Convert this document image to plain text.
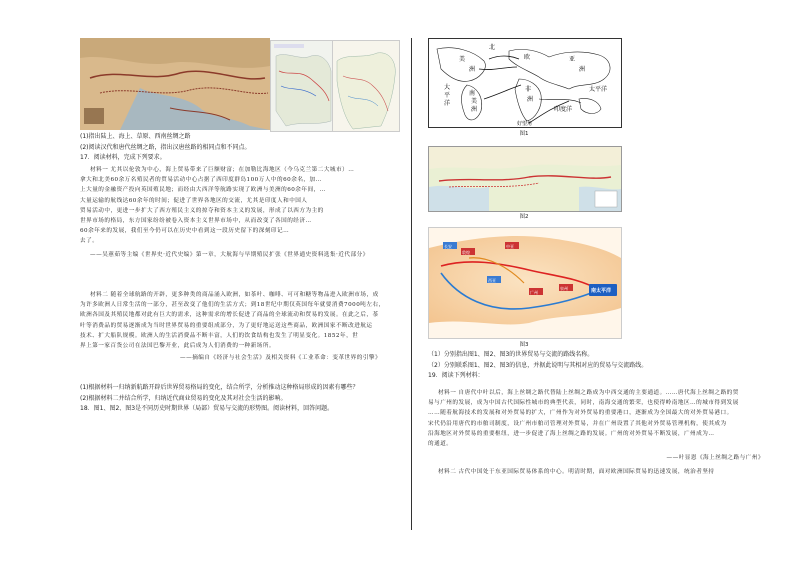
(1)指出陆上、海上、草原、西南丝绸之路
(2)阅读汉代和唐代丝绸之路，指出汉唐丝路的相同点和不同点。
17．阅读材料，完成下列要求。
材料一 尤其以伦敦为中心，海上贸易带来了巨额财富；在加勒比海地区（今乌克兰第二大城市）…
拿大和北美60余万名殖民者的贸易活动中心占据了西印度群岛100万人中的60余名，加…
上大量的金融资产投向英国殖民地；而经由大西洋等航路实现了欧洲与美洲的60余年间，…
大量运输的航线达60余年的时间；促进了世界各地区的交流，尤其是印度人和中国人
贸易活动中，更进一步扩大了西方殖民主义的掠夺和资本主义的发展，形成了以西方为主的
世界市场的格局，东方国家纷纷被卷入资本主义世界市场中，从而改变了各国的经济…
60余年来的发展，我们至今仍可以在历史中看到这一段历史留下的深刻印记…
去了。
——吴蕙茹等主编《世界史·近代史编》第一章，大航海与早期殖民扩张《世界通史资料选集·近代部分》
材料二 随着全球航路的开辟，更多种类的商品涌入欧洲，如茶叶、咖啡、可可和糖等物品进入欧洲市场，成
为许多欧洲人日常生活的一部分，甚至改变了他们的生活方式；到18世纪中期仅英国每年就要消费7000吨左右，
欧洲各国及其殖民地都对此有巨大的需求，这种需求的增长促进了商品的全球流动和贸易的发展。在此之后，茶
叶等消费品的贸易逐渐成为当时世界贸易的重要组成部分，为了更好地运送这些商品，欧洲国家不断改进航运
技术、扩大船队规模。欧洲人的生活消费品不断丰富，人们的饮食结构也发生了明显变化。1852年，世
界上第一家百货公司在法国巴黎开业，此后成为人们消费的一种新场所。
——摘编自《经济与社会生活》及相关资料《工业革命：变革世界的引擎》
(1)根据材料一归纳新航路开辟后世界贸易格局的变化，结合所学，分析推动这种格局形成的因素有哪些？
(2)根据材料二并结合所学，归纳近代商业贸易的变化及其对社会生活的影响。
18．图1、图2、图3是不同历史时期世界（局部）贸易与交流的形势图。阅读材料，回答问题。
北
美
洲
欧	亚
洲
非
洲
南
美
洲
大
平
洋
太平洋
印度洋
好望角
图1
图2
长安
敦煌
中亚
西亚
广州
泉州	南太平洋
图3
（1）分别指出图1、图2、图3的世界贸易与交流的路线名称。
（2）分别联系图1、图2、图3的信息，并据此说明与其相对应的贸易与交流路线。
19．阅读下列材料：
材料一 自唐代中叶以后，海上丝绸之路代替陆上丝绸之路成为中西交通的主要通道。……唐代海上丝绸之路的贸
易与广州的发展，成为中国古代国际性城市的典型代表，同时，南海交通的繁荣，也使得岭南地区…的城市得到发展
……随着航海技术的发展和对外贸易的扩大，广州作为对外贸易的重要港口，逐渐成为全国最大的对外贸易港口。
宋代仍沿用唐代的市舶司制度，设广州市舶司管理对外贸易，并在广州设置了其他对外贸易管理机构，使其成为
沿海地区对外贸易的重要枢纽，进一步促进了海上丝绸之路的发展。广州的对外贸易不断发展，广州成为…
的通道。
——叶显恩《海上丝绸之路与广州》
材料二 古代中国处于东亚国际贸易体系的中心。明清时期，面对欧洲国际贸易的迅速发展，统治者坚持
